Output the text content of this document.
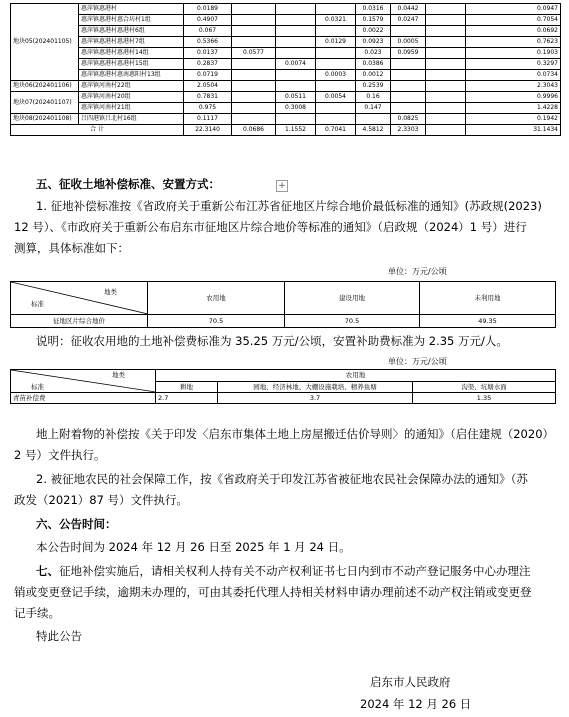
地块05(202401105)	惠萍镇惠港村	0.0189				0.0316	0.0442		0.0947
	惠萍镇惠港村惠合坊村1组	0.4907			0.0321	0.1579	0.0247		0.7054
	惠萍镇惠港村惠港村6组	0.067				0.0022			0.0692
	惠萍镇惠港村惠港村7组	0.5366			0.0129	0.0923	0.0005		0.7623
	惠萍镇惠港村惠港村14组	0.0137	0.0577			0.023	0.0959		0.1903
	惠萍镇惠港村惠港村15组	0.2837		0.0074		0.0386			0.3297
	惠萍镇惠港村惠南惠阳村13组	0.0719			0.0003	0.0012			0.0734
地块06(202401106)	惠萍镇河南村22组	2.0504				0.2539			2.3043
地块07(202401107)	惠萍镇河南村20组	0.7831		0.0511	0.0054	0.16			0.9996
	惠萍镇河南村21组	0.975		0.3008		0.147			1.4228
地块08(202401108)	吕四港镇吕北村16组	0.1117					0.0825		0.1942
合 计		22.3140	0.0686	1.1552	0.7041	4.5812	2.3303		31.1434
+
五、征收土地补偿标准、安置方式：
1. 征地补偿标准按《省政府关于重新公布江苏省征地区片综合地价最低标准的通知》(苏政规(2023)
12 号）、《市政府关于重新公布启东市征地区片综合地价等标准的通知》（启政规（2024）1 号）进行
测算，具体标准如下：
单位：万元/公顷
地类
标准	农用地	建设用地	未利用地

征地区片综合地价	70.5	70.5	49.35
说明：征收农用地的土地补偿费标准为 35.25 万元/公顷，安置补助费标准为 2.35 万元/人。
单位：万元/公顷
地类
标准	农用地		
	耕地	园地、经济林地、大棚设施栽培、精养鱼塘	沟渠、坑塘水面
青苗补偿费	2.7	3.7	1.35
地上附着物的补偿按《关于印发〈启东市集体土地上房屋搬迁估价导则〉的通知》（启住建规（2020）
2 号）文件执行。
2. 被征地农民的社会保障工作，按《省政府关于印发江苏省被征地农民社会保障办法的通知》（苏
政发（2021）87 号）文件执行。
六、公告时间：
本公告时间为 2024 年 12 月 26 日至 2025 年 1 月 24 日。
七、征地补偿实施后，请相关权利人持有关不动产权利证书七日内到市不动产登记服务中心办理注
销或变更登记手续，逾期未办理的，可由其委托代理人持相关材料申请办理前述不动产权注销或变更登
记手续。
特此公告
启东市人民政府
2024 年 12 月 26 日
